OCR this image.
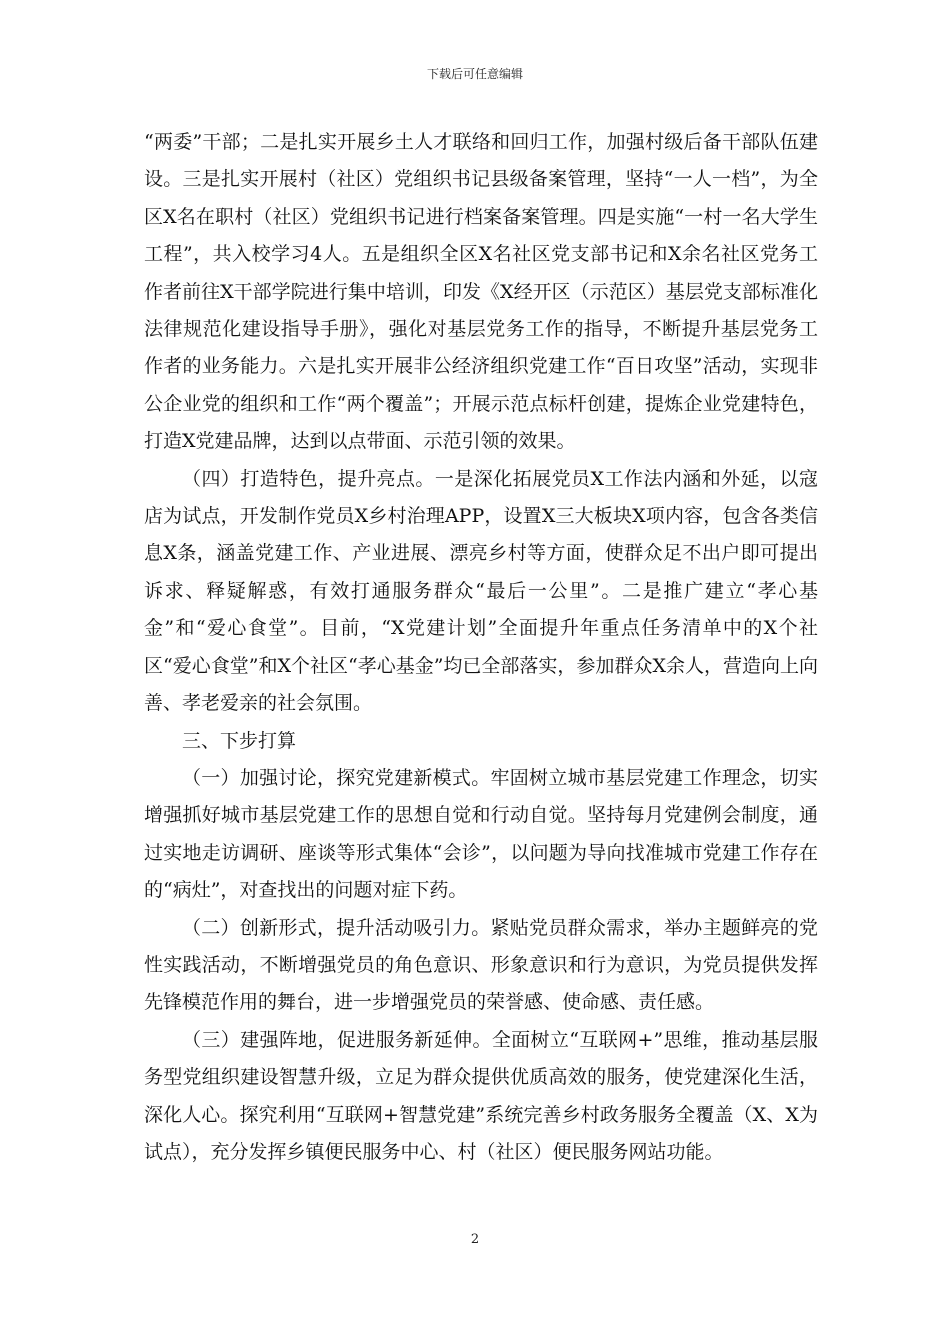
下载后可任意编辑

“两委”干部；二是扎实开展乡土人才联络和回归工作，加强村级后备干部队伍建设。三是扎实开展村（社区）党组织书记县级备案管理，坚持“一人一档”，为全区X名在职村（社区）党组织书记进行档案备案管理。四是实施“一村一名大学生工程”，共入校学习4人。五是组织全区X名社区党支部书记和X余名社区党务工作者前往X干部学院进行集中培训，印发《X经开区（示范区）基层党支部标准化法律规范化建设指导手册》，强化对基层党务工作的指导，不断提升基层党务工作者的业务能力。六是扎实开展非公经济组织党建工作“百日攻坚”活动，实现非公企业党的组织和工作“两个覆盖”；开展示范点标杆创建，提炼企业党建特色，打造X党建品牌，达到以点带面、示范引领的效果。

（四）打造特色，提升亮点。一是深化拓展党员X工作法内涵和外延，以寇店为试点，开发制作党员X乡村治理APP，设置X三大板块X项内容，包含各类信息X条，涵盖党建工作、产业进展、漂亮乡村等方面，使群众足不出户即可提出诉求、释疑解惑，有效打通服务群众“最后一公里”。二是推广建立“孝心基金”和“爱心食堂”。目前，“X党建计划”全面提升年重点任务清单中的X个社区“爱心食堂”和X个社区“孝心基金”均已全部落实，参加群众X余人，营造向上向善、孝老爱亲的社会氛围。

三、下步打算

（一）加强讨论，探究党建新模式。牢固树立城市基层党建工作理念，切实增强抓好城市基层党建工作的思想自觉和行动自觉。坚持每月党建例会制度，通过实地走访调研、座谈等形式集体“会诊”，以问题为导向找准城市党建工作存在的“病灶”，对查找出的问题对症下药。

（二）创新形式，提升活动吸引力。紧贴党员群众需求，举办主题鲜亮的党性实践活动，不断增强党员的角色意识、形象意识和行为意识，为党员提供发挥先锋模范作用的舞台，进一步增强党员的荣誉感、使命感、责任感。

（三）建强阵地，促进服务新延伸。全面树立“互联网+”思维，推动基层服务型党组织建设智慧升级，立足为群众提供优质高效的服务，使党建深化生活，深化人心。探究利用“互联网+智慧党建”系统完善乡村政务服务全覆盖（X、X为试点），充分发挥乡镇便民服务中心、村（社区）便民服务网站功能。

2
